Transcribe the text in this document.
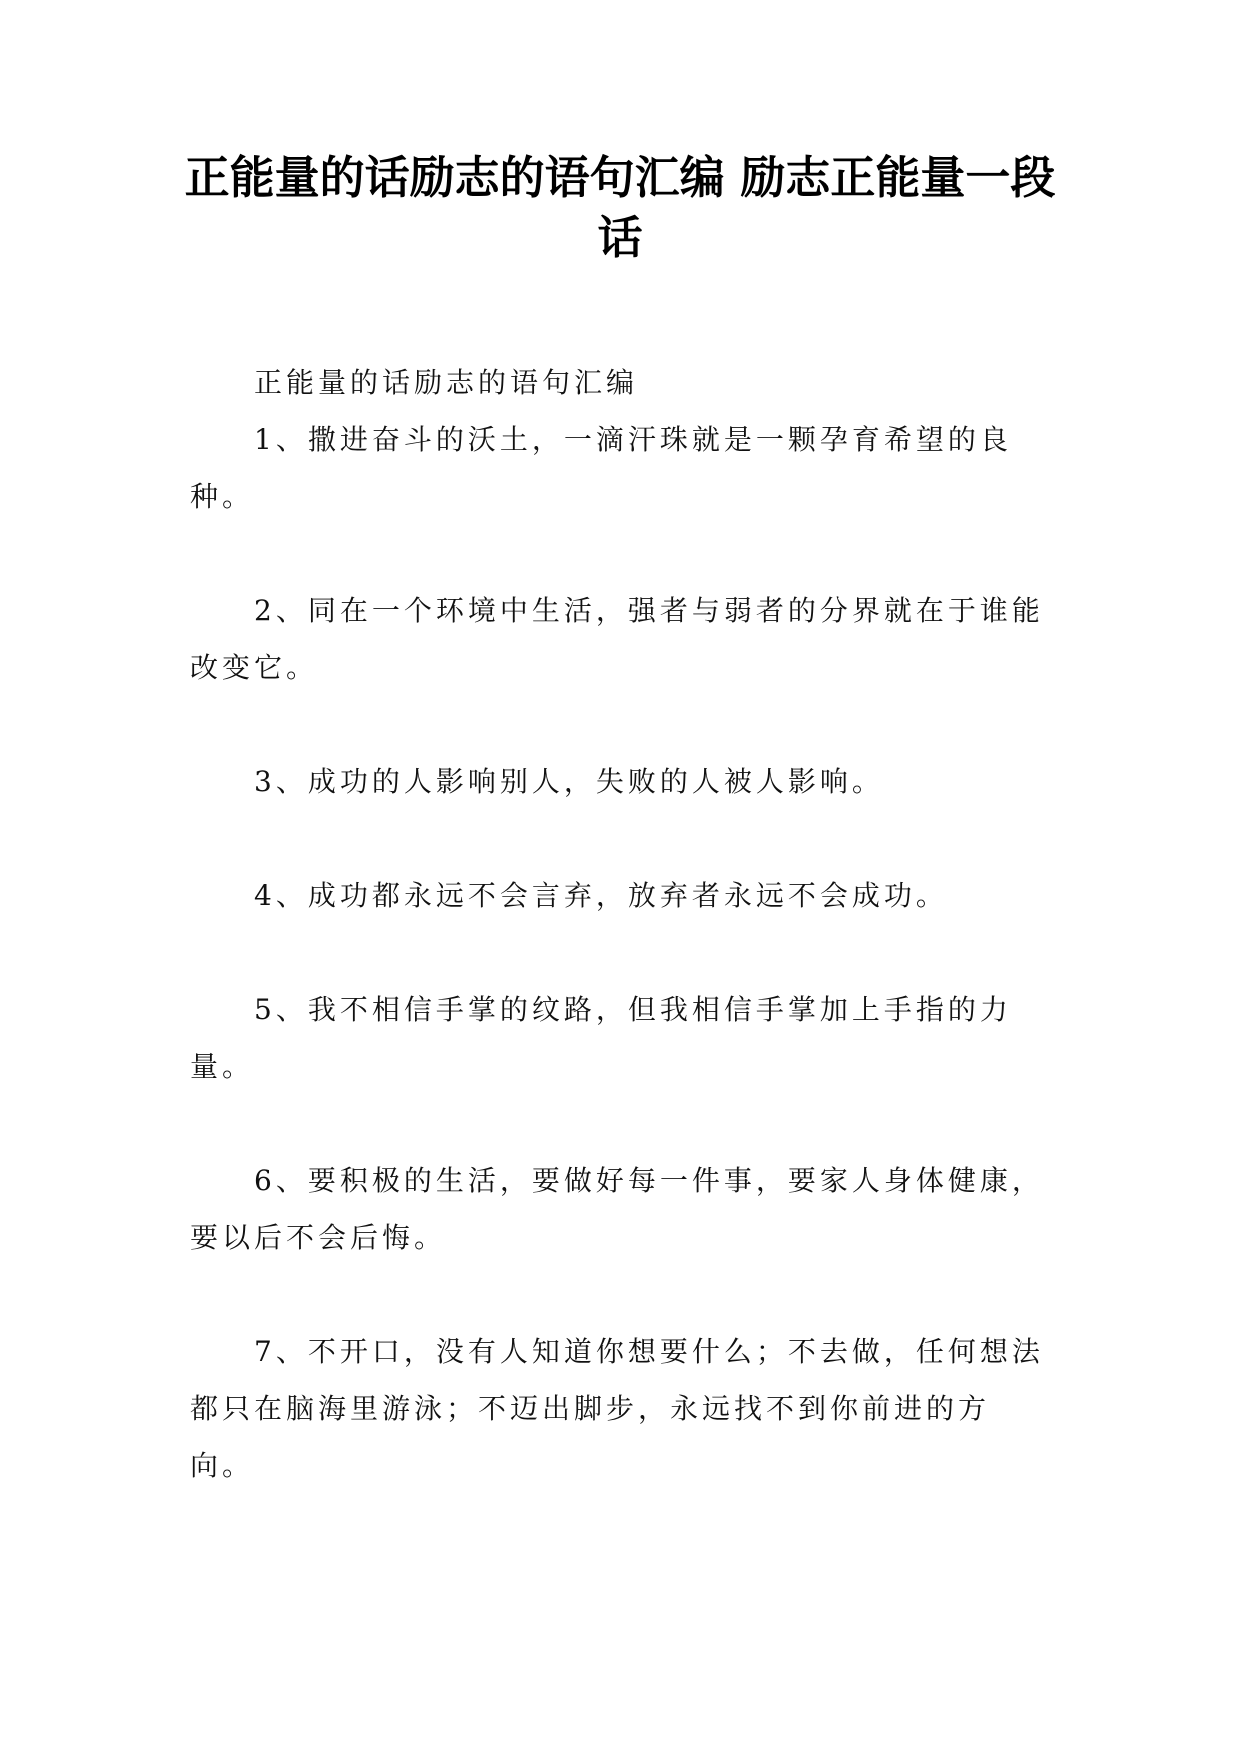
正能量的话励志的语句汇编 励志正能量一段话

正能量的话励志的语句汇编

1、撒进奋斗的沃土，一滴汗珠就是一颗孕育希望的良种。
2、同在一个环境中生活，强者与弱者的分界就在于谁能改变它。
3、成功的人影响别人，失败的人被人影响。
4、成功都永远不会言弃，放弃者永远不会成功。
5、我不相信手掌的纹路，但我相信手掌加上手指的力量。
6、要积极的生活，要做好每一件事，要家人身体健康，要以后不会后悔。
7、不开口，没有人知道你想要什么；不去做，任何想法都只在脑海里游泳；不迈出脚步，永远找不到你前进的方向。
